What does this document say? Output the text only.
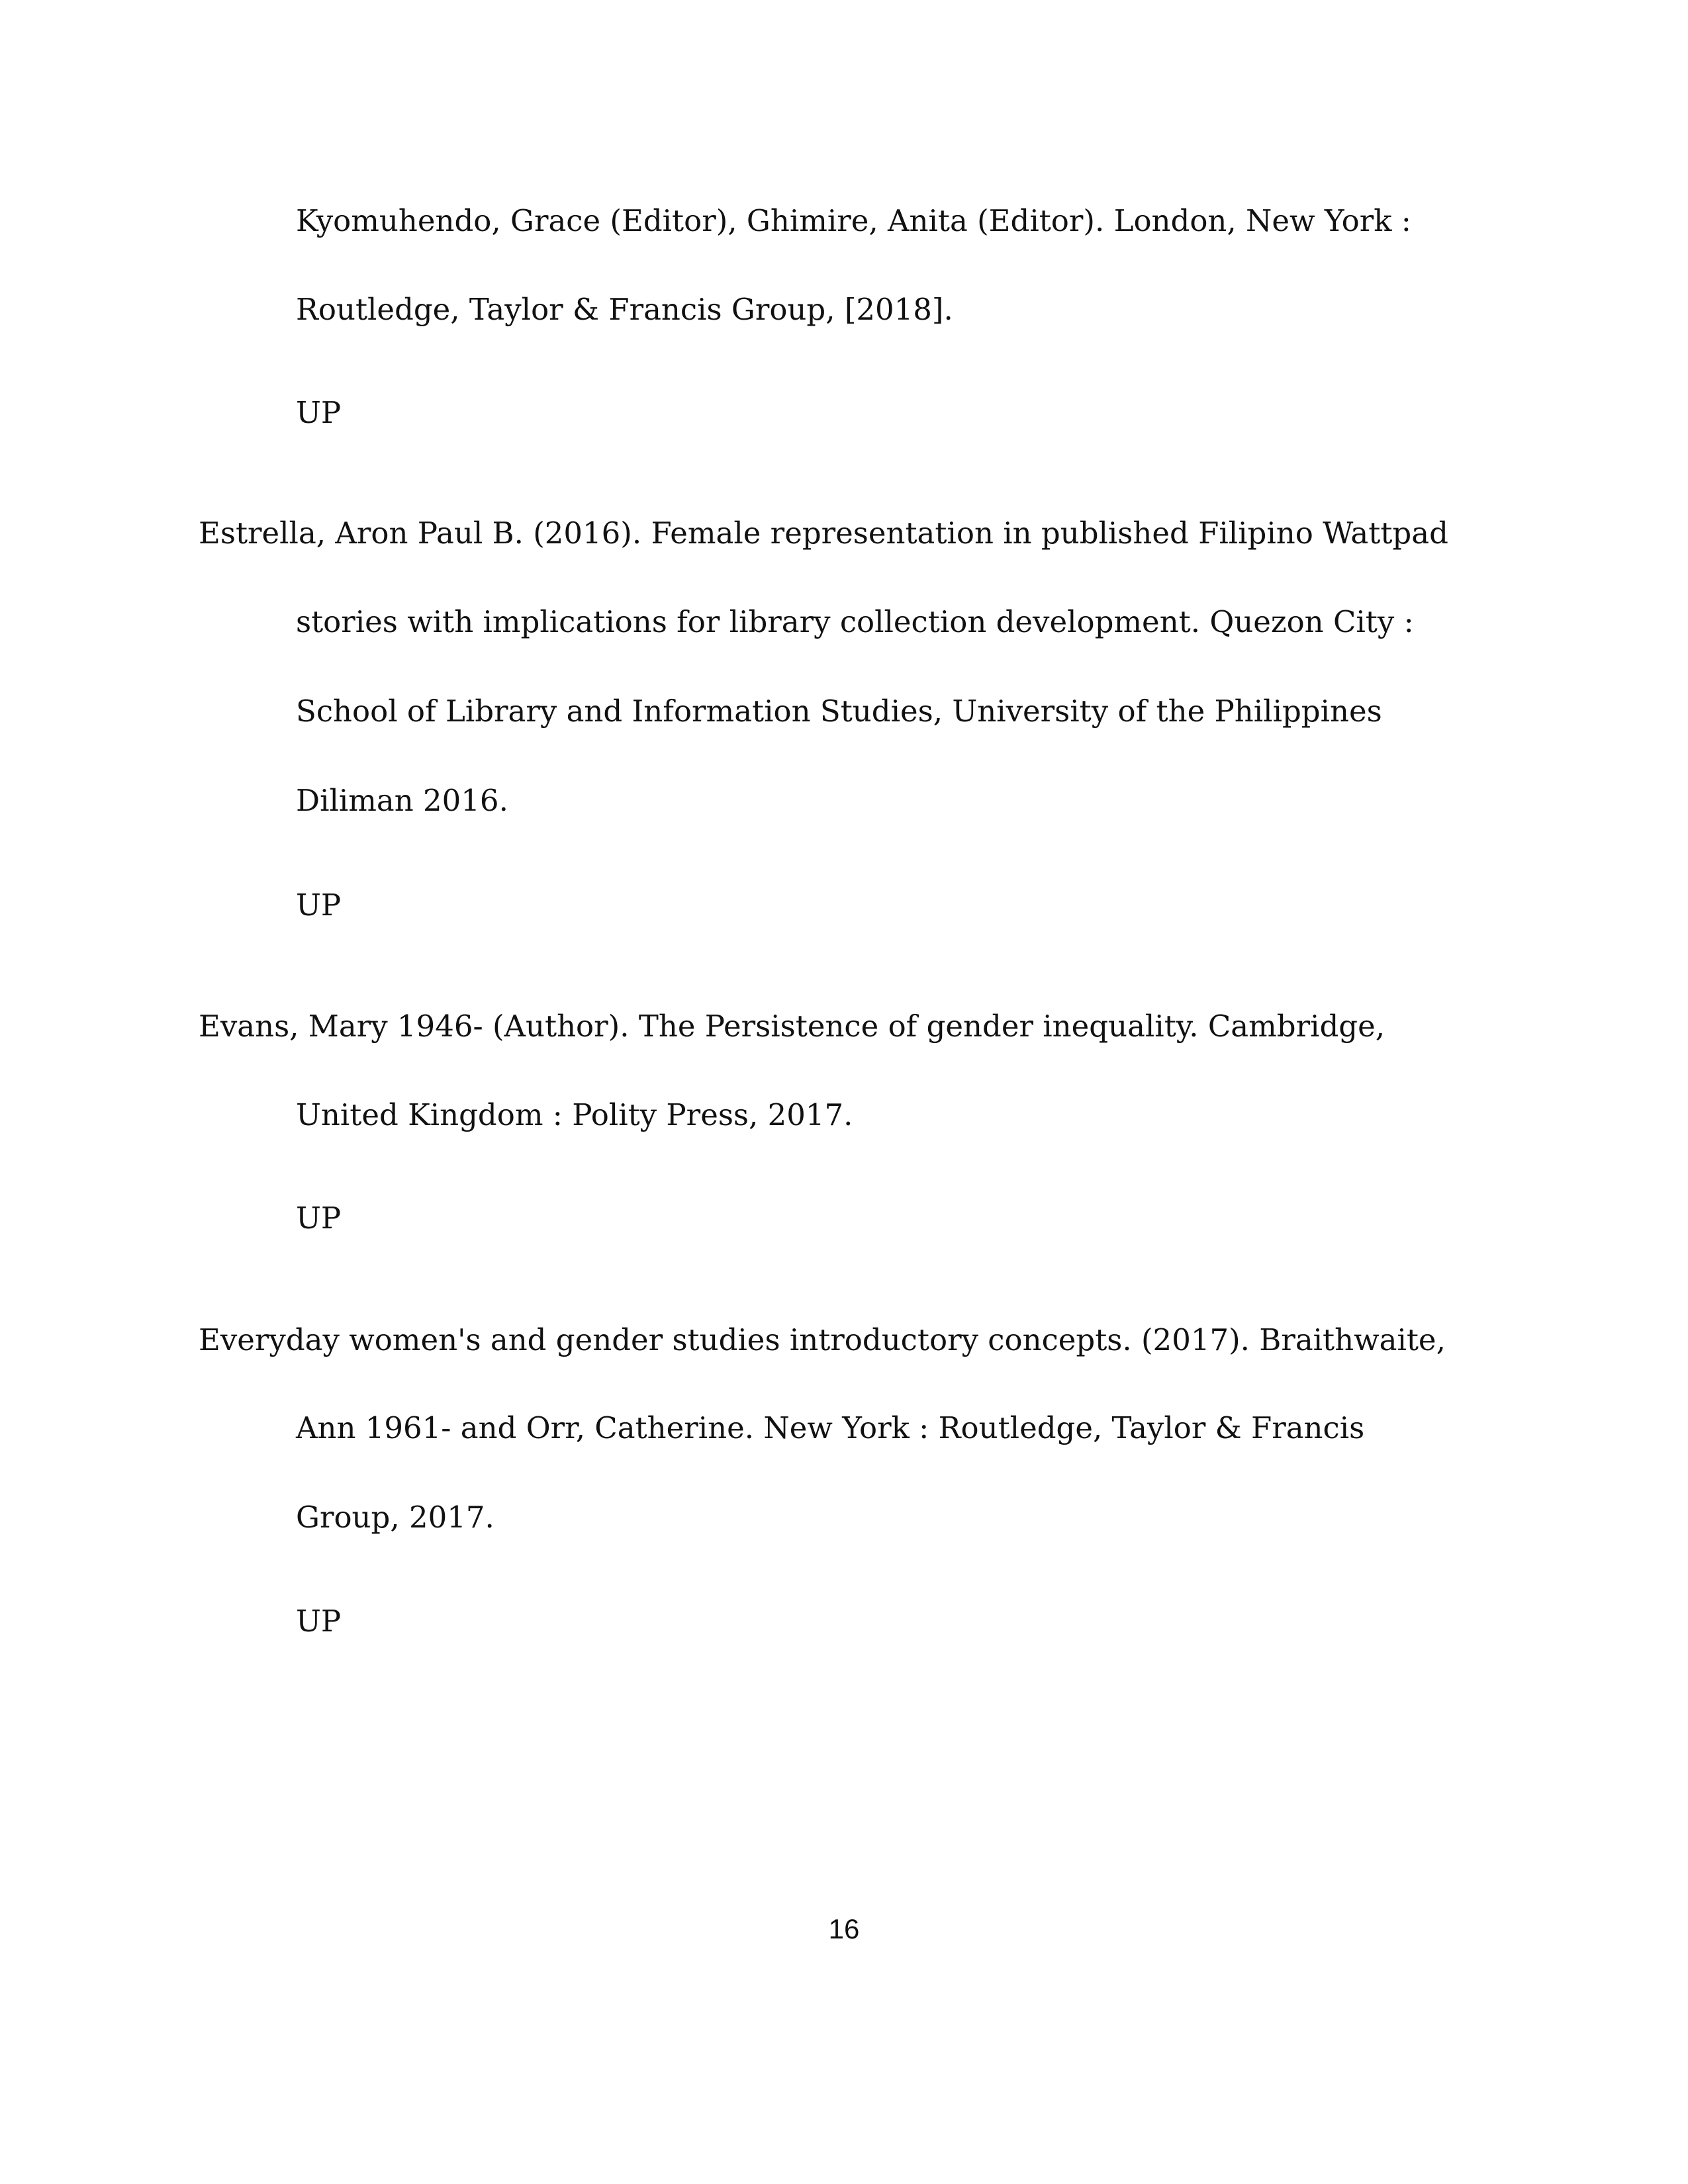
Kyomuhendo, Grace (Editor), Ghimire, Anita (Editor). London, New York :
Routledge, Taylor & Francis Group, [2018].
UP
Estrella, Aron Paul B. (2016). Female representation in published Filipino Wattpad
stories with implications for library collection development. Quezon City :
School of Library and Information Studies, University of the Philippines
Diliman 2016.
UP
Evans, Mary 1946- (Author). The Persistence of gender inequality. Cambridge,
United Kingdom : Polity Press, 2017.
UP
Everyday women's and gender studies introductory concepts. (2017). Braithwaite,
Ann 1961- and Orr, Catherine. New York : Routledge, Taylor & Francis
Group, 2017.
UP
16
